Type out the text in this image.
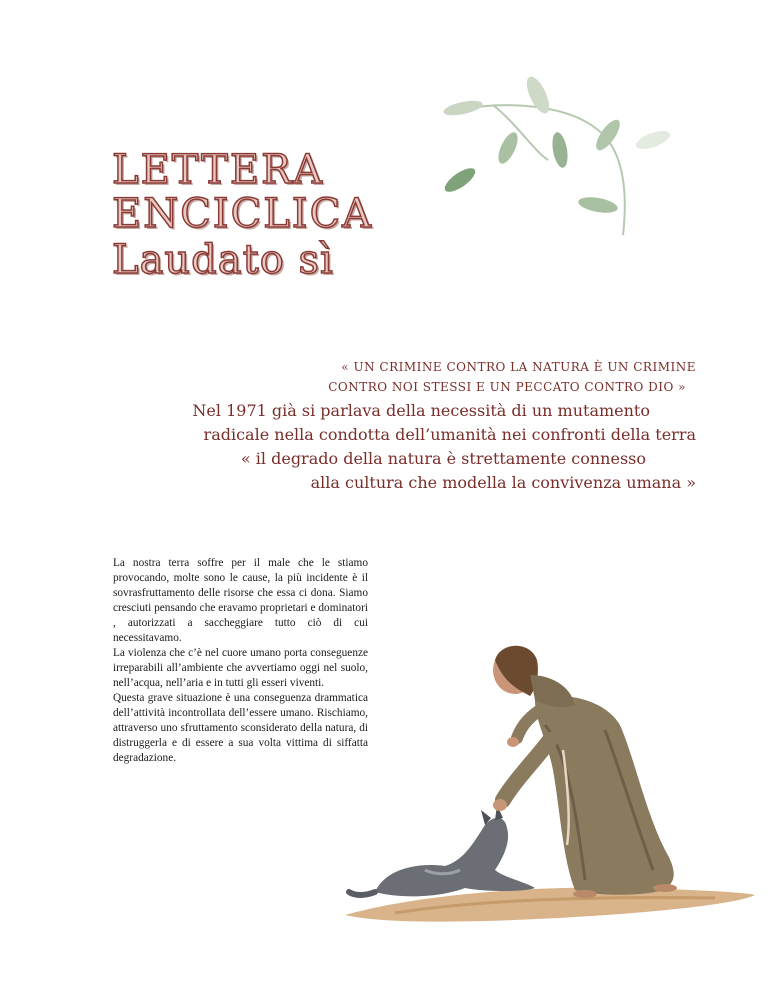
LETTERA
ENCICLICA
Laudato sì
« UN CRIMINE CONTRO LA NATURA È UN CRIMINE
CONTRO NOI STESSI E UN PECCATO CONTRO DIO »
Nel 1971 già si parlava della necessità di un mutamento
radicale nella condotta dell’umanità nei confronti della terra
« il degrado della natura è strettamente connesso
alla cultura che modella la convivenza umana »

La nostra terra soffre per il male che le stiamo provocando, molte sono le cause, la più incidente è il sovrasfruttamento delle risorse che essa ci dona. Siamo cresciuti pensando che eravamo proprietari e dominatori , autorizzati a saccheggiare tutto ciò di cui necessitavamo.

La violenza che c’è nel cuore umano porta conseguenze irreparabili all’ambiente che avvertiamo oggi nel suolo, nell’acqua, nell’aria e in tutti gli esseri viventi.

Questa grave situazione è una conseguenza drammatica dell’attività incontrollata dell’essere umano. Rischiamo, attraverso uno sfruttamento sconsiderato della natura, di distruggerla e di essere a sua volta vittima di siffatta degradazione.
